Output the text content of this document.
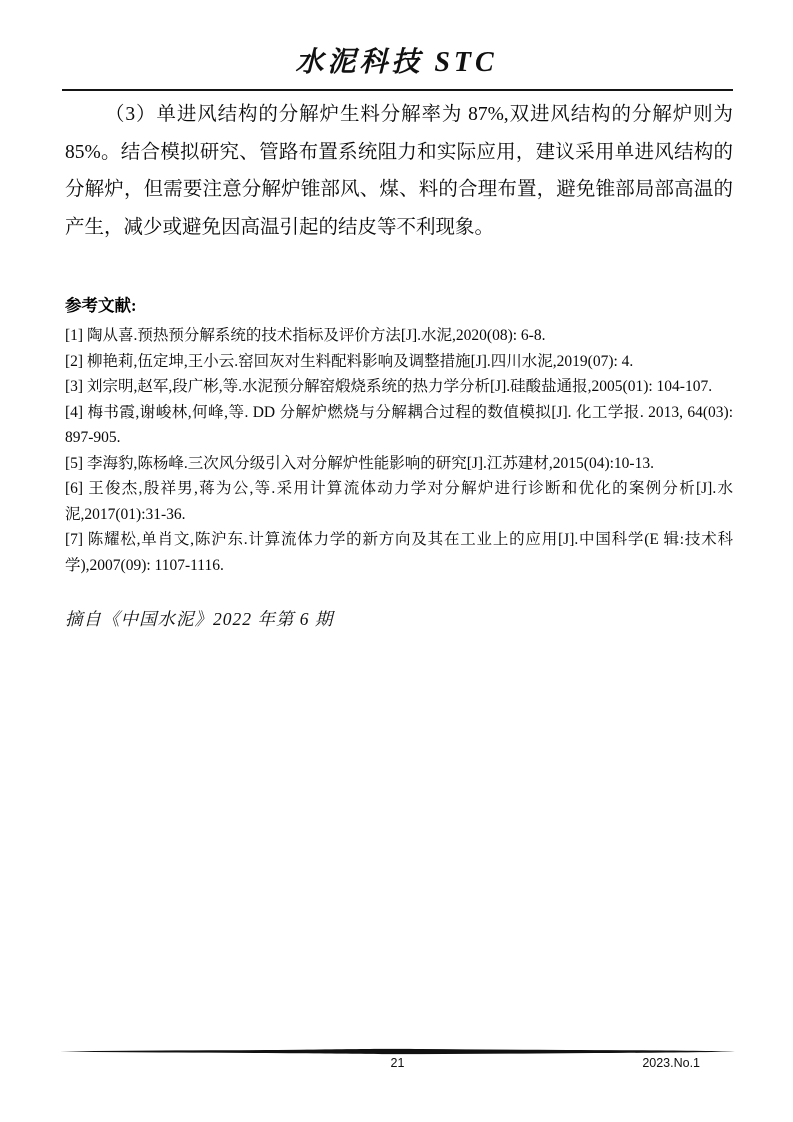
水泥科技 STC

（3）单进风结构的分解炉生料分解率为 87%,双进风结构的分解炉则为 85%。结合模拟研究、管路布置系统阻力和实际应用，建议采用单进风结构的分解炉，但需要注意分解炉锥部风、煤、料的合理布置，避免锥部局部高温的产生，减少或避免因高温引起的结皮等不利现象。

参考文献:

[1] 陶从喜.预热预分解系统的技术指标及评价方法[J].水泥,2020(08): 6-8.

[2] 柳艳莉,伍定坤,王小云.窑回灰对生料配料影响及调整措施[J].四川水泥,2019(07): 4.

[3] 刘宗明,赵军,段广彬,等.水泥预分解窑煅烧系统的热力学分析[J].硅酸盐通报,2005(01): 104-107.

[4] 梅书霞,谢峻林,何峰,等. DD 分解炉燃烧与分解耦合过程的数值模拟[J]. 化工学报. 2013, 64(03): 897-905.

[5] 李海豹,陈杨峰.三次风分级引入对分解炉性能影响的研究[J].江苏建材,2015(04):10-13.

[6] 王俊杰,殷祥男,蒋为公,等.采用计算流体动力学对分解炉进行诊断和优化的案例分析[J].水泥,2017(01):31-36.

[7] 陈耀松,单肖文,陈沪东.计算流体力学的新方向及其在工业上的应用[J].中国科学(E 辑:技术科学),2007(09): 1107-1116.

摘自《中国水泥》2022 年第 6 期

21	2023.No.1
